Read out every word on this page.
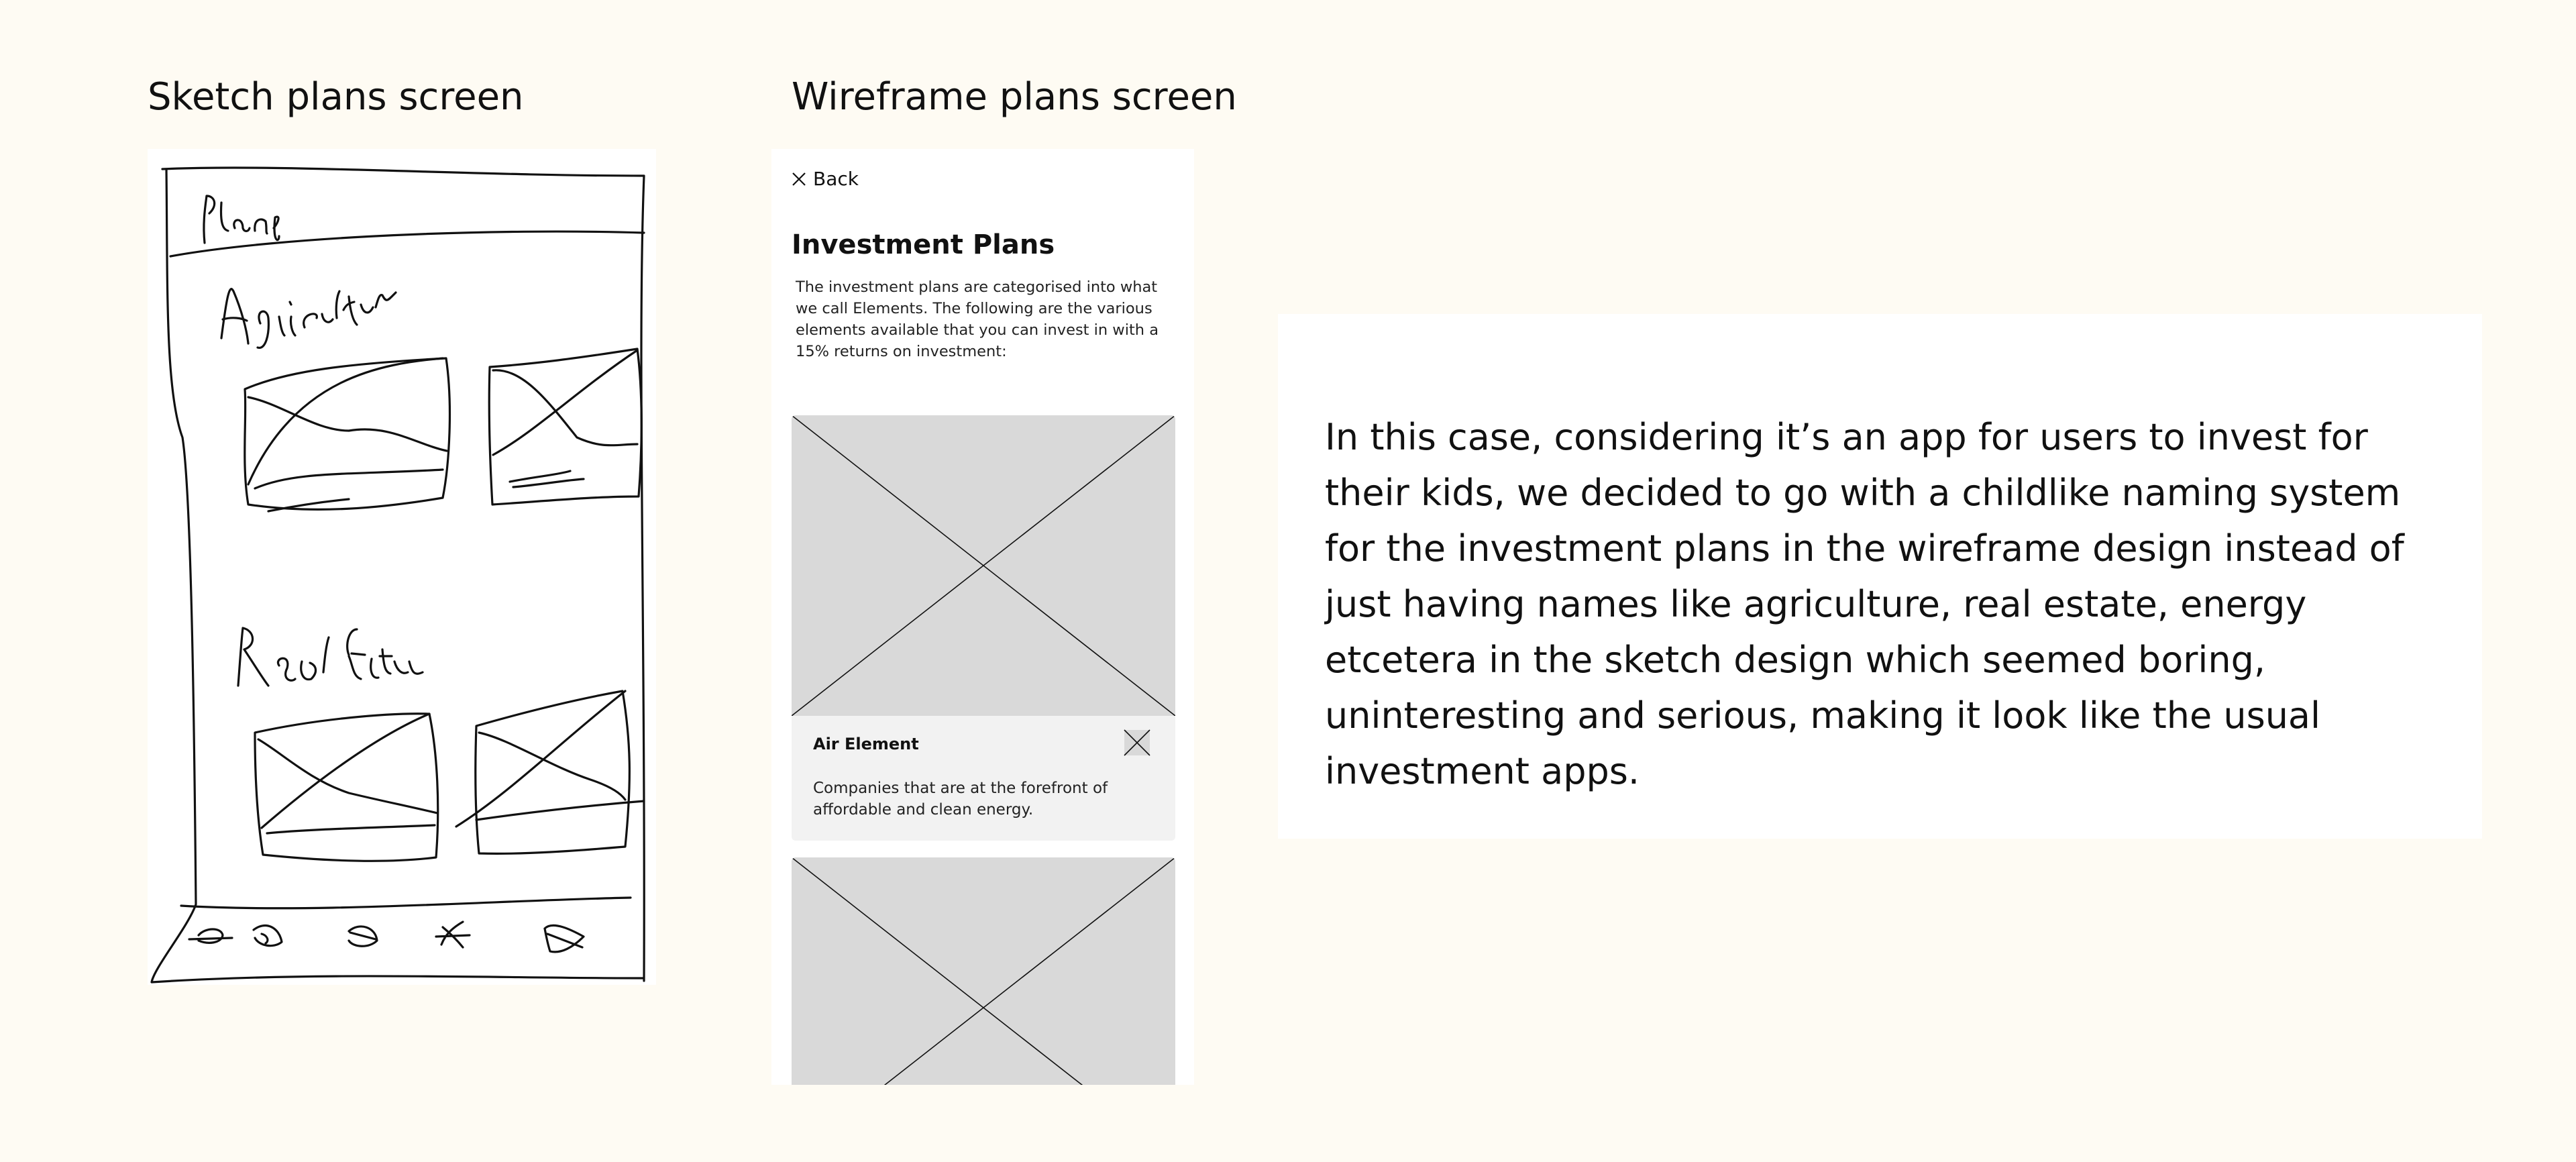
Sketch plans screen	Wireframe plans screen
Back
Investment Plans

The investment plans are categorised into what we call Elements. The following are the various elements available that you can invest in with a 15% returns on investment:

Air Element
Companies that are at the forefront of affordable and clean energy.

In this case, considering it’s an app for users to invest for their kids, we decided to go with a childlike naming system for the investment plans in the wireframe design instead of just having names like agriculture, real estate, energy etcetera in the sketch design which seemed boring, uninteresting and serious, making it look like the usual investment apps.
